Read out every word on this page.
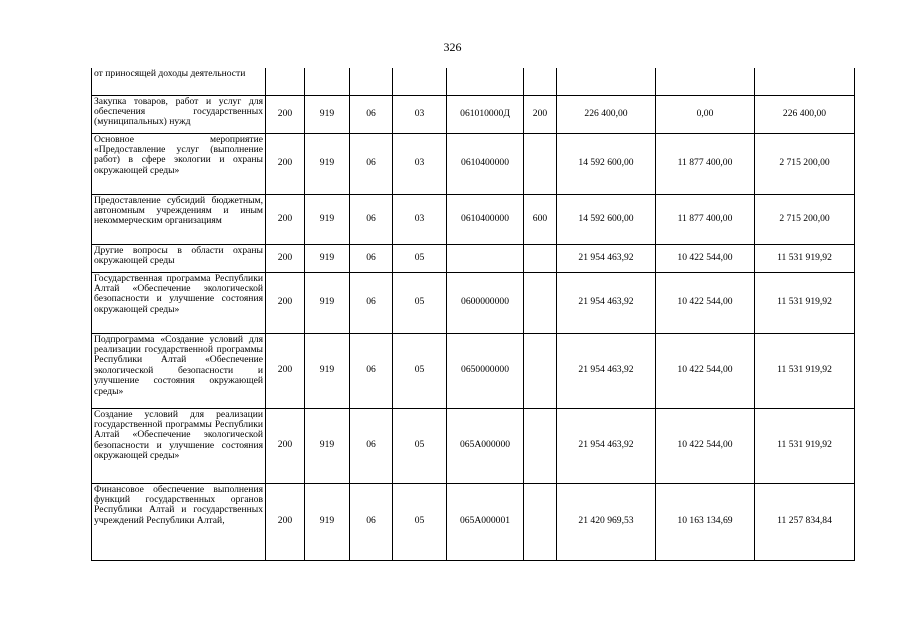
326
от приносящей доходы деятельности									
Закупка товаров, работ и услуг для обеспечения государственных (муниципальных) нужд	200	919	06	03	061010000Д	200	226 400,00	0,00	226 400,00
Основное мероприятие «Предоставление услуг (выполнение работ) в сфере экологии и охраны окружающей среды»	200	919	06	03	0610400000		14 592 600,00	11 877 400,00	2 715 200,00
Предоставление субсидий бюджетным, автономным учреждениям и иным некоммерческим организациям	200	919	06	03	0610400000	600	14 592 600,00	11 877 400,00	2 715 200,00
Другие вопросы в области охраны окружающей среды	200	919	06	05			21 954 463,92	10 422 544,00	11 531 919,92
Государственная программа Республики Алтай «Обеспечение экологической безопасности и улучшение состояния окружающей среды»	200	919	06	05	0600000000		21 954 463,92	10 422 544,00	11 531 919,92
Подпрограмма «Создание условий для реализации государственной программы Республики Алтай «Обеспечение экологической безопасности и улучшение состояния окружающей среды»	200	919	06	05	0650000000		21 954 463,92	10 422 544,00	11 531 919,92
Создание условий для реализации государственной программы Республики Алтай «Обеспечение экологической безопасности и улучшение состояния окружающей среды»	200	919	06	05	065A000000		21 954 463,92	10 422 544,00	11 531 919,92
Финансовое обеспечение выполнения функций государственных органов Республики Алтай и государственных учреждений Республики Алтай,	200	919	06	05	065A000001		21 420 969,53	10 163 134,69	11 257 834,84
